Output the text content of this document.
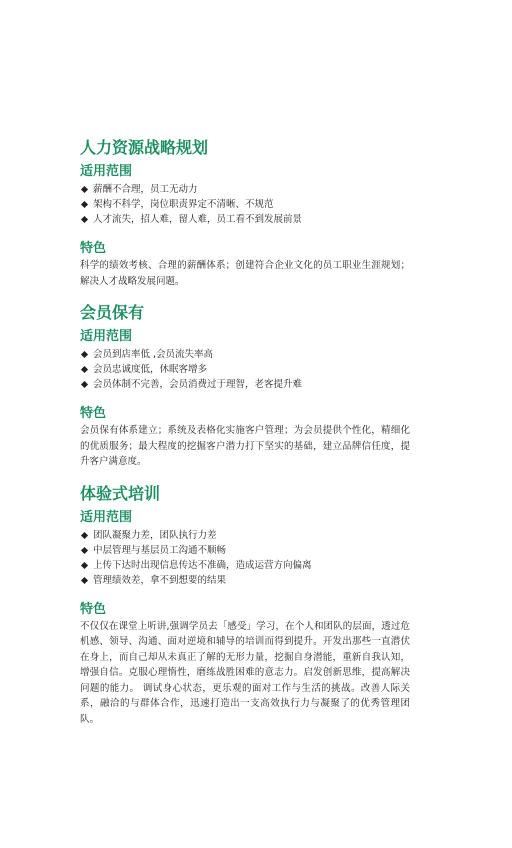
人力资源战略规划
适用范围
薪酬不合理，员工无动力
架构不科学，岗位职责界定不清晰、不规范
人才流失，招人难，留人难，员工看不到发展前景
特色

科学的绩效考核、合理的薪酬体系；创建符合企业文化的员工职业生涯规划；解决人才战略发展问题。

会员保有
适用范围
会员到店率低 ,会员流失率高
会员忠诚度低，休眠客增多
会员体制不完善，会员消费过于理智，老客提升难
特色

会员保有体系建立；系统及表格化实施客户管理；为会员提供个性化，精细化的优质服务；最大程度的挖掘客户潜力打下坚实的基础，建立品牌信任度，提升客户满意度。

体验式培训
适用范围
团队凝聚力差，团队执行力差
中层管理与基层员工沟通不顺畅
上传下达时出现信息传达不准确，造成运营方向偏离
管理绩效差，拿不到想要的结果
特色

不仅仅在课堂上听讲,强调学员去「感受」学习，在个人和团队的层面，透过危机感、领导、沟通、面对逆境和辅导的培训而得到提升。开发出那些一直潜伏在身上，而自己却从未真正了解的无形力量，挖掘自身潜能，重新自我认知，增强自信。克服心理惰性，磨练战胜困难的意志力。启发创新思维，提高解决问题的能力。 调试身心状态，更乐观的面对工作与生活的挑战。改善人际关系，融洽的与群体合作，迅速打造出一支高效执行力与凝聚了的优秀管理团队。
